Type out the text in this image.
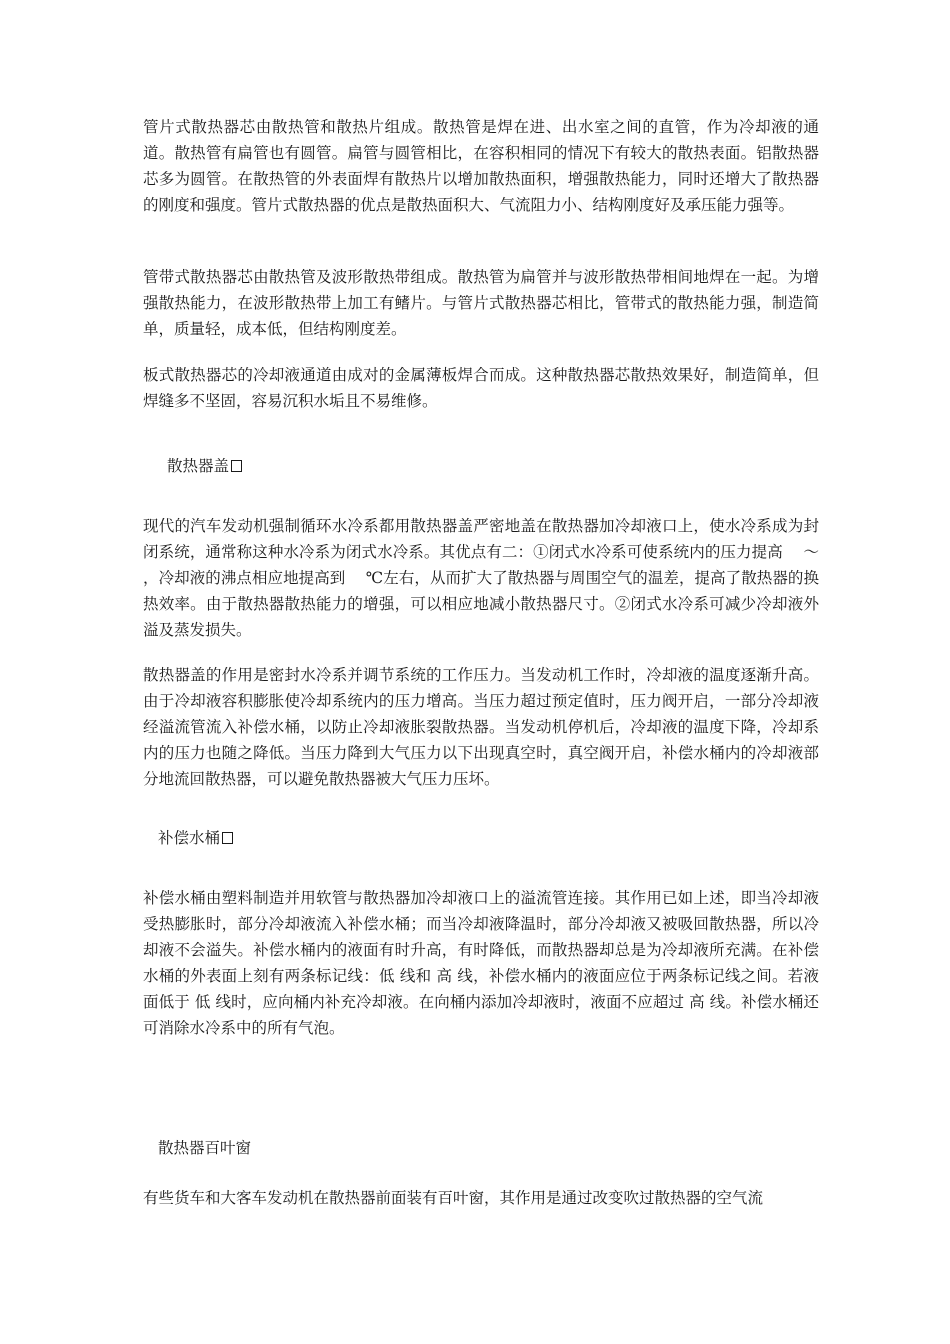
管片式散热器芯由散热管和散热片组成。散热管是焊在进、出水室之间的直管，作为冷却液的通道。散热管有扁管也有圆管。扁管与圆管相比，在容积相同的情况下有较大的散热表面。铝散热器芯多为圆管。在散热管的外表面焊有散热片以增加散热面积，增强散热能力，同时还增大了散热器的刚度和强度。管片式散热器的优点是散热面积大、气流阻力小、结构刚度好及承压能力强等。
管带式散热器芯由散热管及波形散热带组成。散热管为扁管并与波形散热带相间地焊在一起。为增强散热能力，在波形散热带上加工有鳍片。与管片式散热器芯相比，管带式的散热能力强，制造简单，质量轻，成本低，但结构刚度差。
板式散热器芯的冷却液通道由成对的金属薄板焊合而成。这种散热器芯散热效果好，制造简单，但焊缝多不坚固，容易沉积水垢且不易维修。
散热器盖
现代的汽车发动机强制循环水冷系都用散热器盖严密地盖在散热器加冷却液口上，使水冷系成为封闭系统，通常称这种水冷系为闭式水冷系。其优点有二：①闭式水冷系可使系统内的压力提高　 ～　　 ，冷却液的沸点相应地提高到　 ℃左右，从而扩大了散热器与周围空气的温差，提高了散热器的换热效率。由于散热器散热能力的增强，可以相应地减小散热器尺寸。②闭式水冷系可减少冷却液外溢及蒸发损失。
散热器盖的作用是密封水冷系并调节系统的工作压力。当发动机工作时，冷却液的温度逐渐升高。由于冷却液容积膨胀使冷却系统内的压力增高。当压力超过预定值时，压力阀开启，一部分冷却液经溢流管流入补偿水桶，以防止冷却液胀裂散热器。当发动机停机后，冷却液的温度下降，冷却系内的压力也随之降低。当压力降到大气压力以下出现真空时，真空阀开启，补偿水桶内的冷却液部分地流回散热器，可以避免散热器被大气压力压坏。
补偿水桶
补偿水桶由塑料制造并用软管与散热器加冷却液口上的溢流管连接。其作用已如上述，即当冷却液受热膨胀时，部分冷却液流入补偿水桶；而当冷却液降温时，部分冷却液又被吸回散热器，所以冷却液不会溢失。补偿水桶内的液面有时升高，有时降低，而散热器却总是为冷却液所充满。在补偿水桶的外表面上刻有两条标记线：低 线和 高 线，补偿水桶内的液面应位于两条标记线之间。若液面低于 低 线时，应向桶内补充冷却液。在向桶内添加冷却液时，液面不应超过 高 线。补偿水桶还可消除水冷系中的所有气泡。
散热器百叶窗
有些货车和大客车发动机在散热器前面装有百叶窗，其作用是通过改变吹过散热器的空气流
